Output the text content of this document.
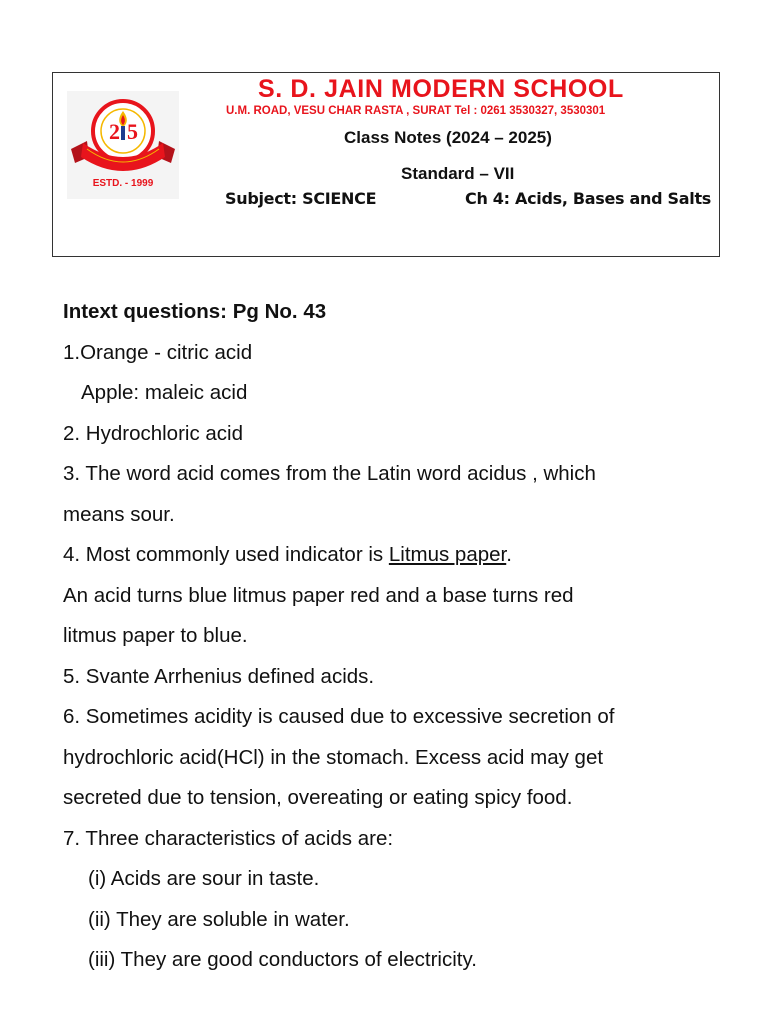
2 5
ESTD. - 1999
S. D. JAIN MODERN SCHOOL
U.M. ROAD, VESU CHAR RASTA , SURAT Tel : 0261 3530327, 3530301
Class Notes (2024 – 2025)
Standard – VII
Subject: SCIENCE	Ch 4: Acids, Bases and Salts

Intext questions: Pg No. 43

1.Orange - citric acid

Apple: maleic acid

2. Hydrochloric acid

3. The word acid comes from the Latin word acidus , which

means sour.

4. Most commonly used indicator is Litmus paper.

An acid turns blue litmus paper red and a base turns red

litmus paper to blue.

5. Svante Arrhenius defined acids.

6. Sometimes acidity is caused due to excessive secretion of

hydrochloric acid(HCl) in the stomach. Excess acid may get

secreted due to tension, overeating or eating spicy food.

7. Three characteristics of acids are:

(i) Acids are sour in taste.

(ii) They are soluble in water.

(iii) They are good conductors of electricity.
